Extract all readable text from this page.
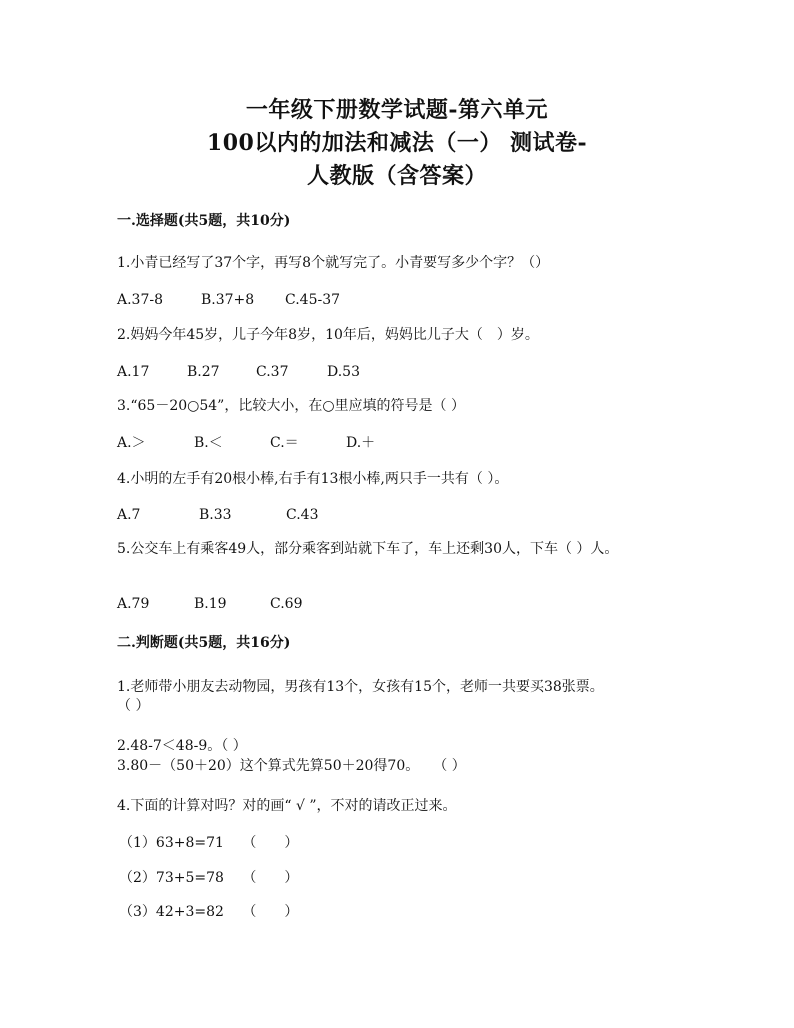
一年级下册数学试题-第六单元
100以内的加法和减法（一） 测试卷-
人教版（含答案）
一.选择题(共5题，共10分)
1.小青已经写了37个字，再写8个就写完了。小青要写多少个字？（）
A.37-8	B.37+8 C.45-37
2.妈妈今年45岁，儿子今年8岁，10年后，妈妈比儿子大（　）岁。
A.17	B.27	C.37	D.53
3.“65－20○54”，比较大小，在○里应填的符号是（ ）
A.＞	B.＜	C.＝	D.＋
4.小明的左手有20根小棒,右手有13根小棒,两只手一共有（ ）。
A.7	B.33	C.43
5.公交车上有乘客49人，部分乘客到站就下车了，车上还剩30人，下车（ ）人。
A.79	B.19	C.69
二.判断题(共5题，共16分)
1.老师带小朋友去动物园，男孩有13个，女孩有15个，老师一共要买38张票。
（ ）
2.48-7＜48-9。（ ）
3.80－（50＋20）这个算式先算50＋20得70。　　（ ）
4.下面的计算对吗？对的画“ √ ”，不对的请改正过来。
（1）63+8=71　 （　　）
（2）73+5=78　 （　　）
（3）42+3=82　 （　　）
